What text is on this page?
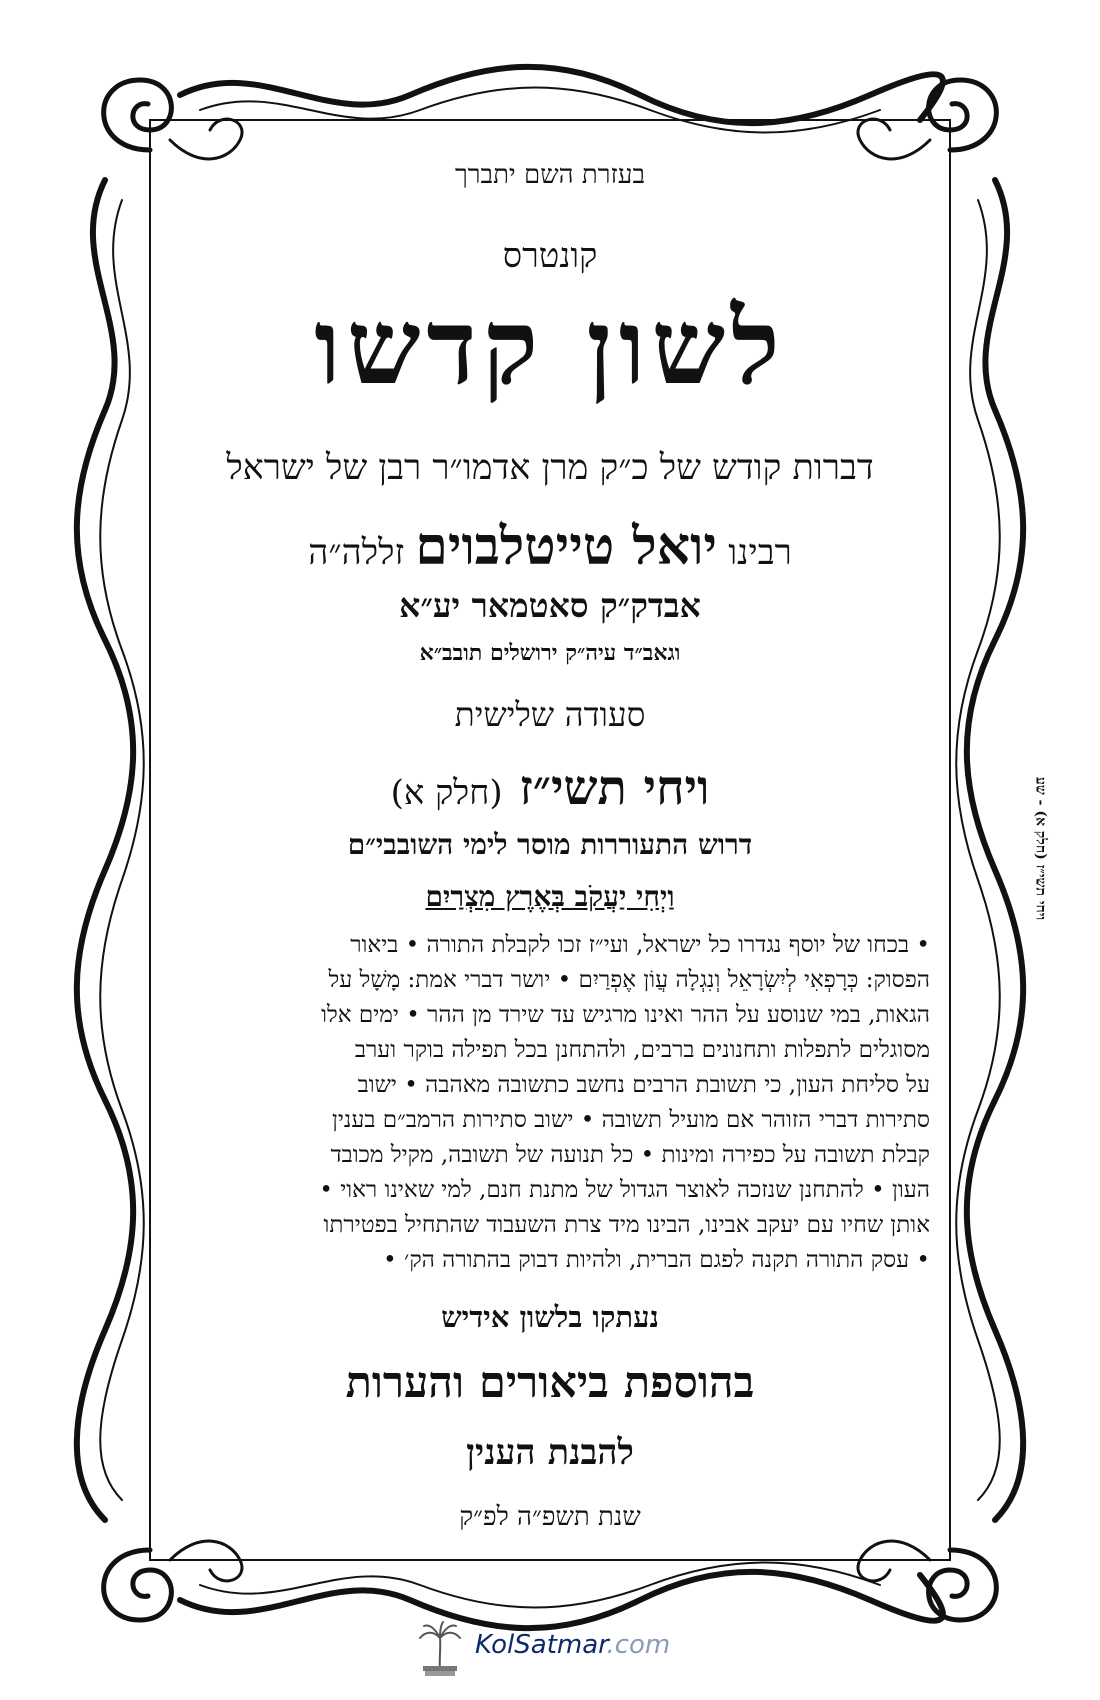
בעזרת השם יתברך
קונטרס
לשון קדשו
דברות קודש של כ״ק מרן אדמו״ר רבן של ישראל
רבינו יואל טייטלבוים זללה״ה
אבדק״ק סאטמאר יע״א
וגאב״ד עיה״ק ירושלים תובב״א
סעודה שלישית
ויחי תשי״ז (חלק א)
דרוש התעוררות מוסר לימי השובבי״ם
וַיְחִי יַעֲקֹב בְּאֶרֶץ מִצְרַיִם
• בכחו של יוסף נגדרו כל ישראל, ועי״ז זכו לקבלת התורה • ביאור
הפסוק: כְּרָפְאִי לְיִשְׂרָאֵל וְנִגְלָה עֲוֹן אֶפְרַיִם • יושר דברי אמת: מָשָׁל על
הגאות, במי שנוסע על ההר ואינו מרגיש עד שירד מן ההר • ימים אלו
מסוגלים לתפלות ותחנונים ברבים, ולהתחנן בכל תפילה בוקר וערב
על סליחת העון, כי תשובת הרבים נחשב כתשובה מאהבה • ישוב
סתירות דברי הזוהר אם מועיל תשובה • ישוב סתירות הרמב״ם בענין
קבלת תשובה על כפירה ומינות • כל תנועה של תשובה, מקיל מכובד
העון • להתחנן שנזכה לאוצר הגדול של מתנת חנם, למי שאינו ראוי •
אותן שחיו עם יעקב אבינו, הבינו מיד צרת השעבוד שהתחיל בפטירתו
• עסק התורה תקנה לפגם הברית, ולהיות דבוק בהתורה הק׳ •
נעתקו בלשון אידיש
בהוספת ביאורים והערות
להבנת הענין
שנת תשפ״ה לפ״ק
ויחי תשי״ז (חלק א) - שע
KolSatmar.com
